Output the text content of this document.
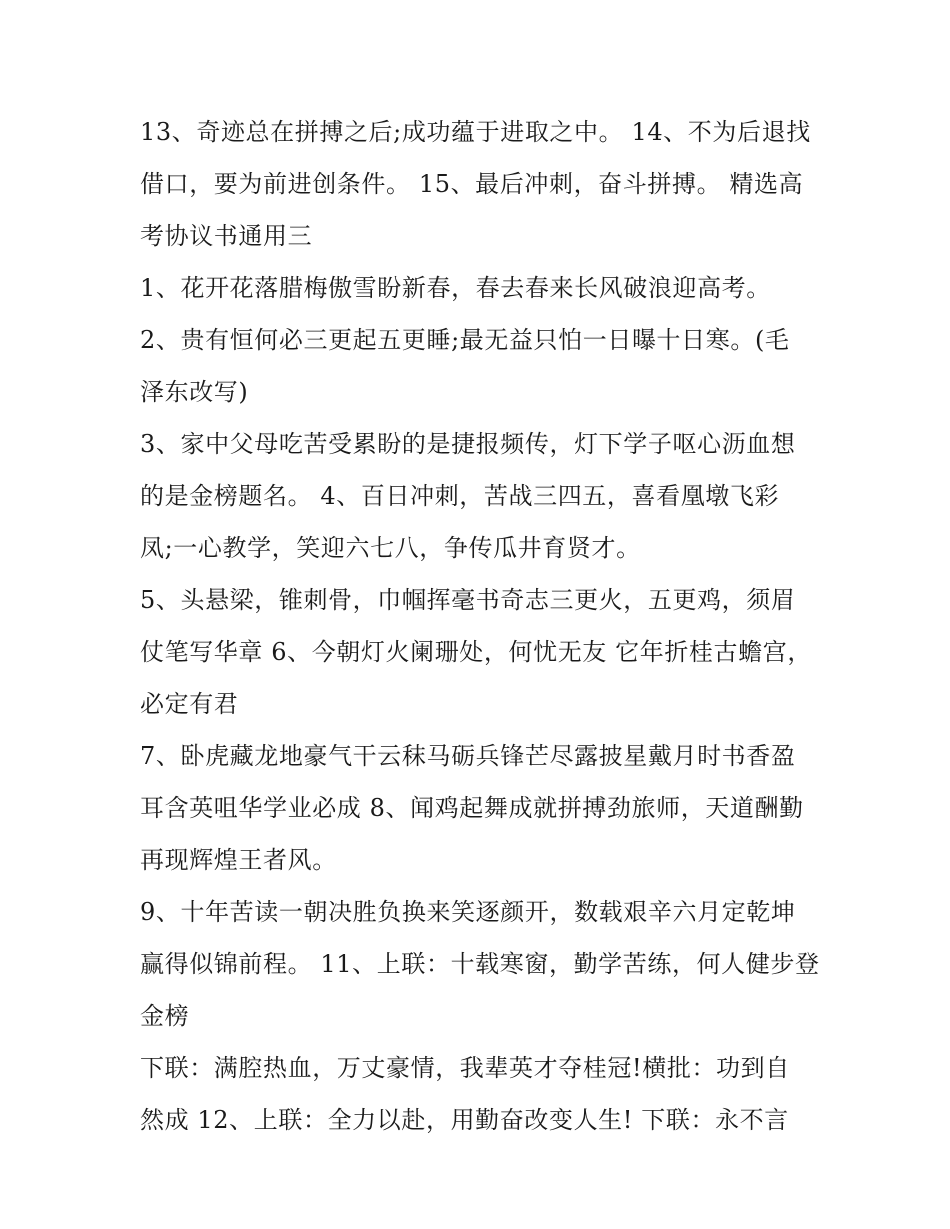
13、奇迹总在拼搏之后;成功蕴于进取之中。 14、不为后退找
借口，要为前进创条件。 15、最后冲刺，奋斗拼搏。 精选高
考协议书通用三
1、花开花落腊梅傲雪盼新春，春去春来长风破浪迎高考。
2、贵有恒何必三更起五更睡;最无益只怕一日曝十日寒。(毛
泽东改写)
3、家中父母吃苦受累盼的是捷报频传，灯下学子呕心沥血想
的是金榜题名。 4、百日冲刺，苦战三四五，喜看凰墩飞彩
凤;一心教学，笑迎六七八，争传瓜井育贤才。
5、头悬梁，锥刺骨，巾帼挥毫书奇志三更火，五更鸡，须眉
仗笔写华章 6、今朝灯火阑珊处，何忧无友 它年折桂古蟾宫，
必定有君
7、卧虎藏龙地豪气干云秣马砺兵锋芒尽露披星戴月时书香盈
耳含英咀华学业必成 8、闻鸡起舞成就拼搏劲旅师，天道酬勤
再现辉煌王者风。
9、十年苦读一朝决胜负换来笑逐颜开，数载艰辛六月定乾坤
赢得似锦前程。 11、上联：十载寒窗，勤学苦练，何人健步登
金榜
下联：满腔热血，万丈豪情，我辈英才夺桂冠!横批：功到自
然成 12、上联：全力以赴，用勤奋改变人生! 下联：永不言
